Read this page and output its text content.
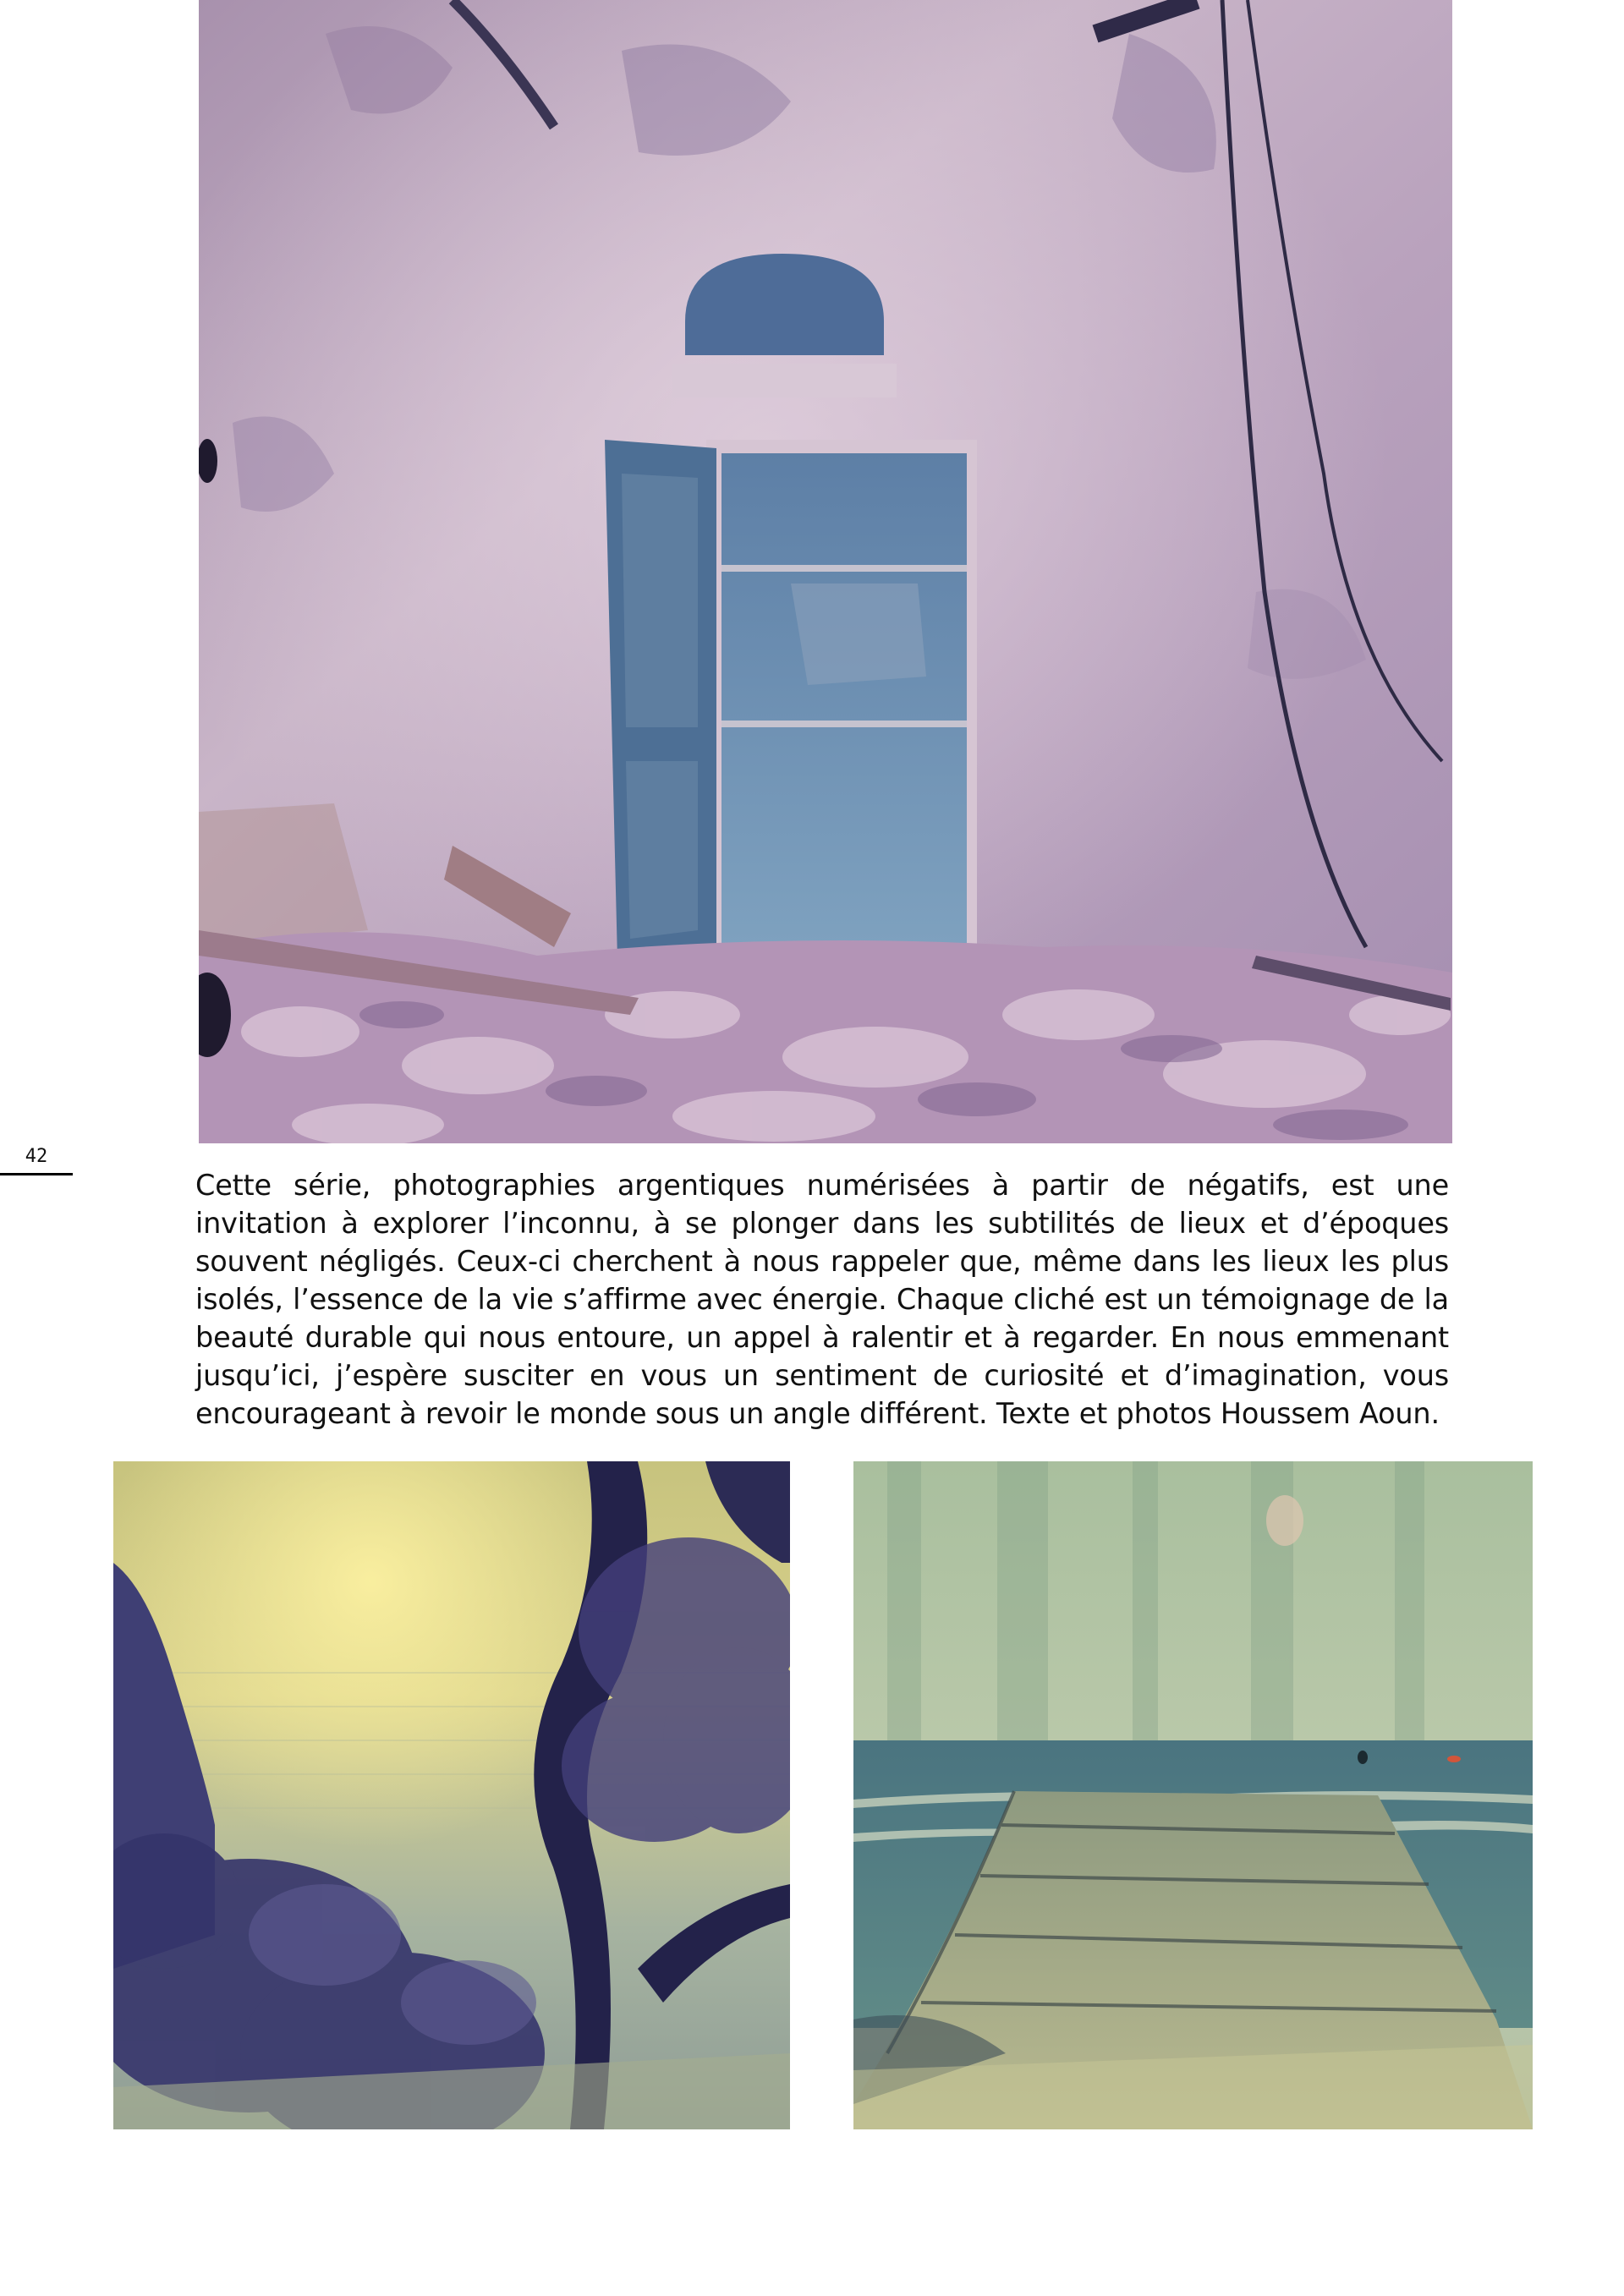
42

Cette série, photographies argentiques numérisées à partir de négatifs, est une invitation à explorer l’inconnu, à se plonger dans les subtilités de lieux et d’époques souvent négligés. Ceux-ci cherchent à nous rappeler que, même dans les lieux les plus isolés, l’essence de la vie s’affirme avec énergie. Chaque cliché est un témoignage de la beauté durable qui nous entoure, un appel à ralentir et à regarder. En nous emmenant jusqu’ici, j’espère susciter en vous un sentiment de curiosité et d’imagination, vous encourageant à revoir le monde sous un angle différent. Texte et photos Houssem Aoun.
